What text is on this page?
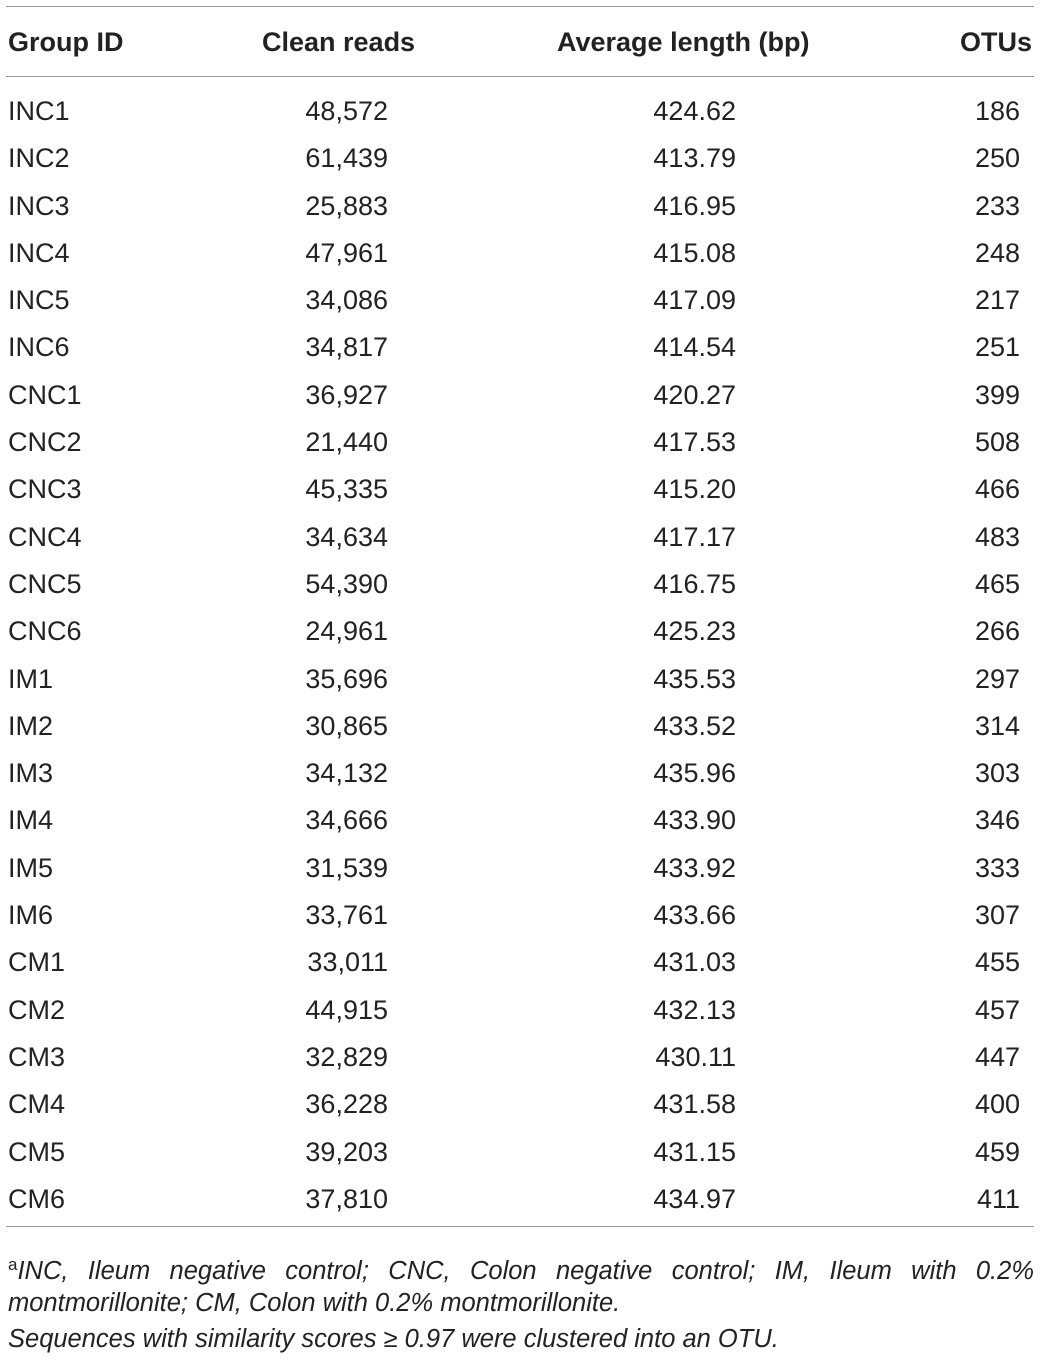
Group ID	Clean reads	Average length (bp)	OTUs
INC1	48,572	424.62	186
INC2	61,439	413.79	250
INC3	25,883	416.95	233
INC4	47,961	415.08	248
INC5	34,086	417.09	217
INC6	34,817	414.54	251
CNC1	36,927	420.27	399
CNC2	21,440	417.53	508
CNC3	45,335	415.20	466
CNC4	34,634	417.17	483
CNC5	54,390	416.75	465
CNC6	24,961	425.23	266
IM1	35,696	435.53	297
IM2	30,865	433.52	314
IM3	34,132	435.96	303
IM4	34,666	433.90	346
IM5	31,539	433.92	333
IM6	33,761	433.66	307
CM1	33,011	431.03	455
CM2	44,915	432.13	457
CM3	32,829	430.11	447
CM4	36,228	431.58	400
CM5	39,203	431.15	459
CM6	37,810	434.97	411
$^a$INC, Ileum negative control; CNC, Colon negative control; IM, Ileum with 0.2%
montmorillonite; CM, Colon with 0.2% montmorillonite.
Sequences with similarity scores ≥ 0.97 were clustered into an OTU.
